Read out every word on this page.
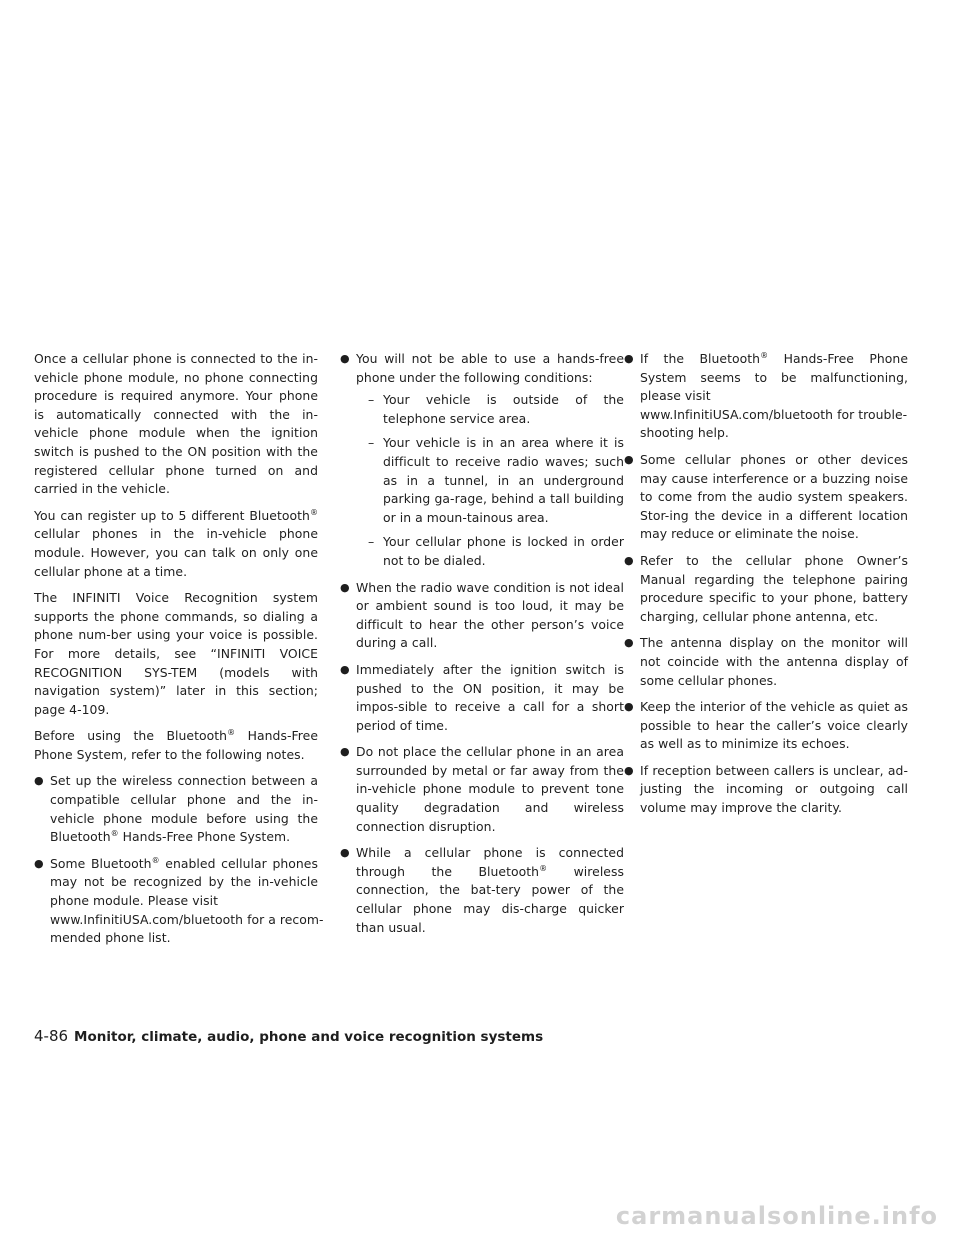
Once a cellular phone is connected to the in-vehicle phone module, no phone connecting procedure is required anymore. Your phone is automatically connected with the in-vehicle phone module when the ignition switch is pushed to the ON position with the registered cellular phone turned on and carried in the vehicle.

You can register up to 5 different Bluetooth® cellular phones in the in-vehicle phone module. However, you can talk on only one cellular phone at a time.

The INFINITI Voice Recognition system supports the phone commands, so dialing a phone num-ber using your voice is possible. For more details, see “INFINITI VOICE RECOGNITION SYS-TEM (models with navigation system)” later in this section; page 4-109.

Before using the Bluetooth® Hands-Free Phone System, refer to the following notes.

● Set up the wireless connection between a compatible cellular phone and the in-vehicle phone module before using the Bluetooth® Hands-Free Phone System.
● Some Bluetooth® enabled cellular phones may not be recognized by the in-vehicle phone module. Please visit
www.InfinitiUSA.com/bluetooth for a recom-
mended phone list.
● You will not be able to use a hands-free phone under the following conditions:
– Your vehicle is outside of the telephone service area.
– Your vehicle is in an area where it is difficult to receive radio waves; such as in a tunnel, in an underground parking ga-rage, behind a tall building or in a moun-tainous area.
– Your cellular phone is locked in order not to be dialed.
● When the radio wave condition is not ideal or ambient sound is too loud, it may be difficult to hear the other person’s voice during a call.
● Immediately after the ignition switch is pushed to the ON position, it may be impos-sible to receive a call for a short period of time.
● Do not place the cellular phone in an area surrounded by metal or far away from the in-vehicle phone module to prevent tone quality degradation and wireless connection disruption.
● While a cellular phone is connected through the Bluetooth® wireless connection, the bat-tery power of the cellular phone may dis-charge quicker than usual.
● If the Bluetooth® Hands-Free Phone System seems to be malfunctioning, please visit
www.InfinitiUSA.com/bluetooth for trouble-
shooting help.
● Some cellular phones or other devices may cause interference or a buzzing noise to come from the audio system speakers. Stor-ing the device in a different location may reduce or eliminate the noise.
● Refer to the cellular phone Owner’s Manual regarding the telephone pairing procedure specific to your phone, battery charging, cellular phone antenna, etc.
● The antenna display on the monitor will not coincide with the antenna display of some cellular phones.
● Keep the interior of the vehicle as quiet as possible to hear the caller’s voice clearly as well as to minimize its echoes.
● If reception between callers is unclear, ad-justing the incoming or outgoing call volume may improve the clarity.
4-86 Monitor, climate, audio, phone and voice recognition systems
carmanualsonline.info
